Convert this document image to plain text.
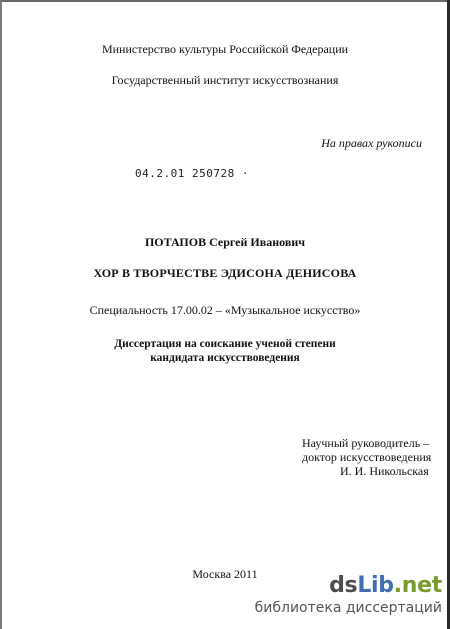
Министерство культуры Российской Федерации
Государственный институт искусствознания
На правах рукописи
04.2.01 250728 ·
ПОТАПОВ Сергей Иванович
ХОР В ТВОРЧЕСТВЕ ЭДИСОНА ДЕНИСОВА
Специальность 17.00.02 – «Музыкальное искусство»
Диссертация на соискание ученой степени
кандидата искусствоведения
Научный руководитель –
доктор искусствоведения
И. И. Никольская
Москва 2011	dsLib.net
библиотека диссертаций
